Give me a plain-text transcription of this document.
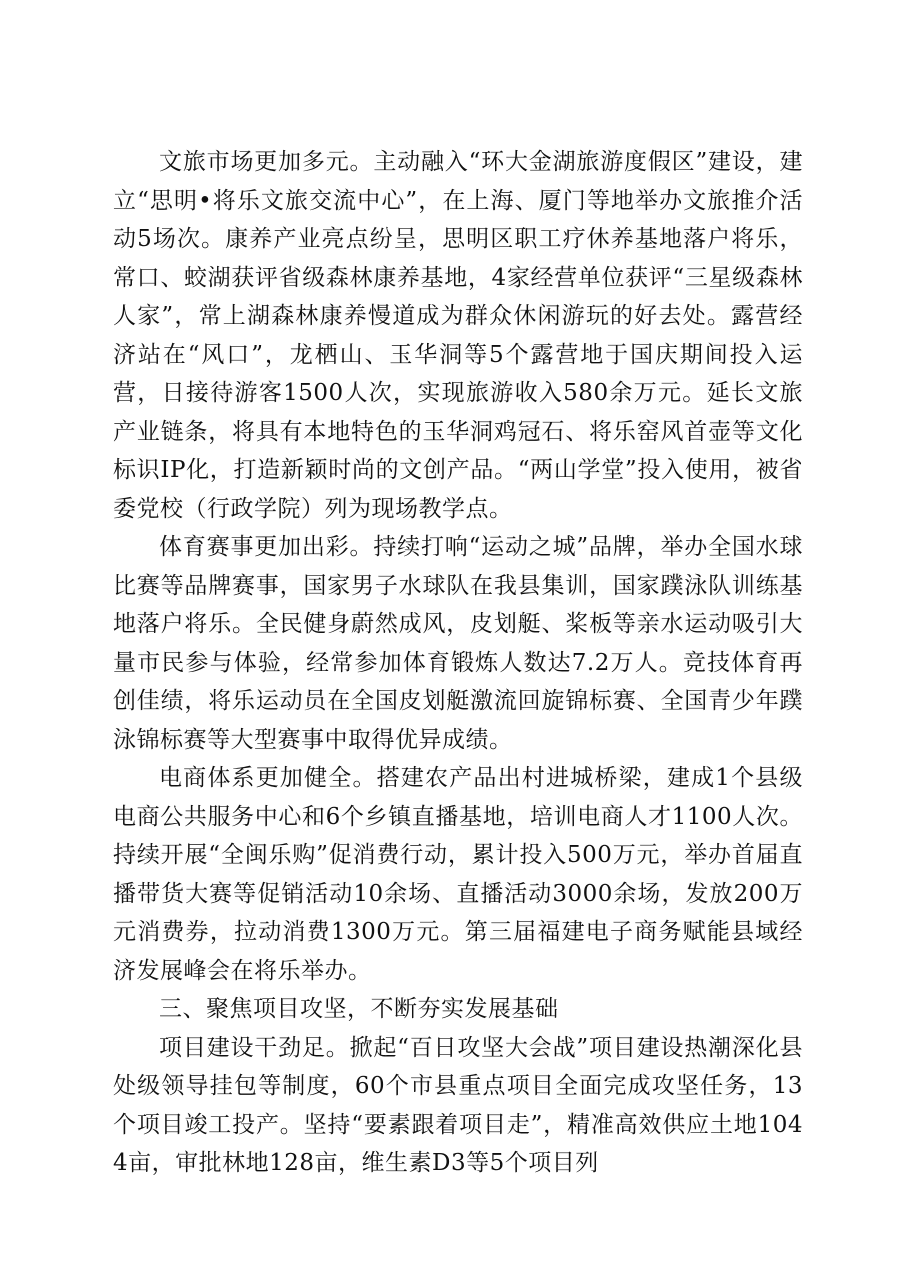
文旅市场更加多元。主动融入“环大金湖旅游度假区”建设，建立“思明•将乐文旅交流中心”，在上海、厦门等地举办文旅推介活动5场次。康养产业亮点纷呈，思明区职工疗休养基地落户将乐，常口、蛟湖获评省级森林康养基地，4家经营单位获评“三星级森林人家”，常上湖森林康养慢道成为群众休闲游玩的好去处。露营经济站在“风口”，龙栖山、玉华洞等5个露营地于国庆期间投入运营，日接待游客1500人次，实现旅游收入580余万元。延长文旅产业链条，将具有本地特色的玉华洞鸡冠石、将乐窑风首壶等文化标识IP化，打造新颖时尚的文创产品。“两山学堂”投入使用，被省委党校（行政学院）列为现场教学点。

体育赛事更加出彩。持续打响“运动之城”品牌，举办全国水球比赛等品牌赛事，国家男子水球队在我县集训，国家蹼泳队训练基地落户将乐。全民健身蔚然成风，皮划艇、桨板等亲水运动吸引大量市民参与体验，经常参加体育锻炼人数达7.2万人。竞技体育再创佳绩，将乐运动员在全国皮划艇激流回旋锦标赛、全国青少年蹼泳锦标赛等大型赛事中取得优异成绩。

电商体系更加健全。搭建农产品出村进城桥梁，建成1个县级电商公共服务中心和6个乡镇直播基地，培训电商人才1100人次。持续开展“全闽乐购”促消费行动，累计投入500万元，举办首届直播带货大赛等促销活动10余场、直播活动3000余场，发放200万元消费券，拉动消费1300万元。第三届福建电子商务赋能县域经济发展峰会在将乐举办。

三、聚焦项目攻坚，不断夯实发展基础

项目建设干劲足。掀起“百日攻坚大会战”项目建设热潮深化县处级领导挂包等制度，60个市县重点项目全面完成攻坚任务，13个项目竣工投产。坚持“要素跟着项目走”，精准高效供应土地1044亩，审批林地128亩，维生素D3等5个项目列
